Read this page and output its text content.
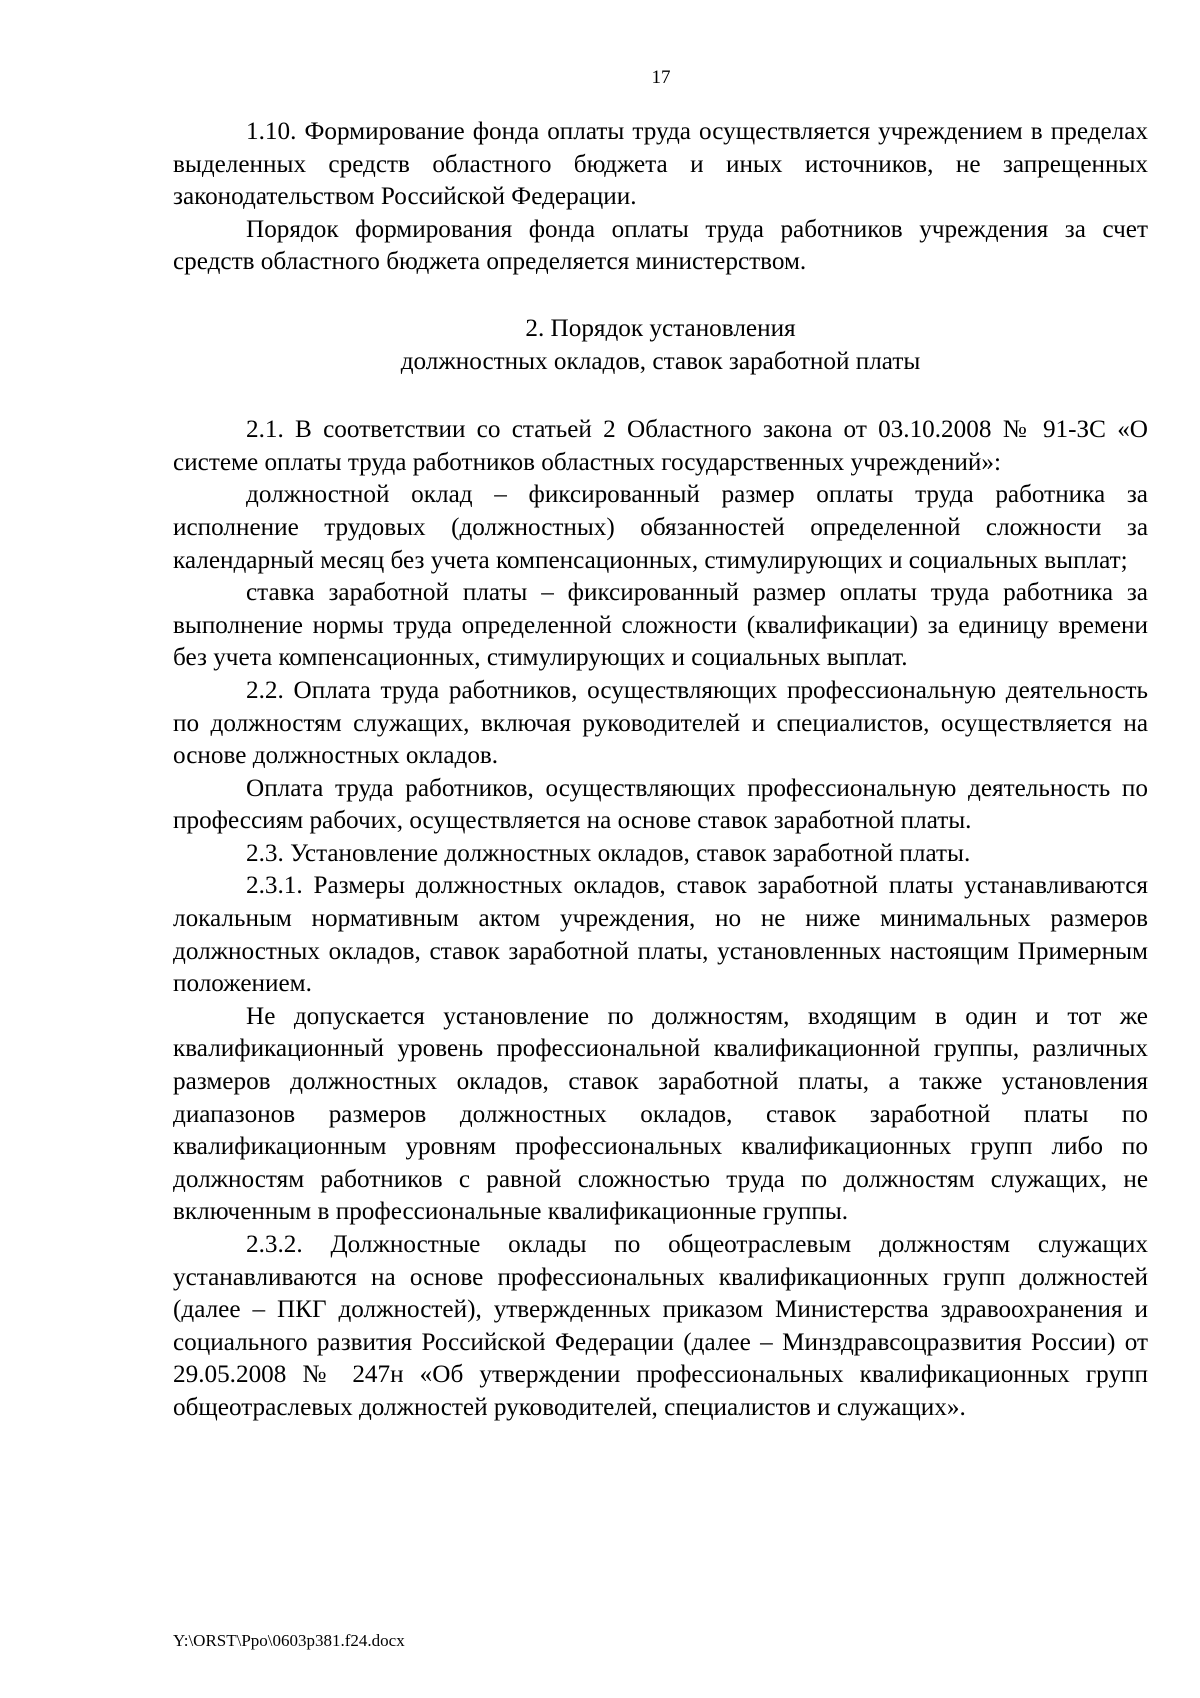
17

1.10. Формирование фонда оплаты труда осуществляется учреждением в пределах выделенных средств областного бюджета и иных источников, не запрещенных законодательством Российской Федерации.

Порядок формирования фонда оплаты труда работников учреждения за счет средств областного бюджета определяется министерством.

2. Порядок установления

должностных окладов, ставок заработной платы

2.1. В соответствии со статьей 2 Областного закона от 03.10.2008 № 91-ЗС «О системе оплаты труда работников областных государственных учреждений»:

должностной оклад – фиксированный размер оплаты труда работника за исполнение трудовых (должностных) обязанностей определенной сложности за календарный месяц без учета компенсационных, стимулирующих и социальных выплат;

ставка заработной платы – фиксированный размер оплаты труда работника за выполнение нормы труда определенной сложности (квалификации) за единицу времени без учета компенсационных, стимулирующих и социальных выплат.

2.2. Оплата труда работников, осуществляющих профессиональную деятельность по должностям служащих, включая руководителей и специалистов, осуществляется на основе должностных окладов.

Оплата труда работников, осуществляющих профессиональную деятельность по профессиям рабочих, осуществляется на основе ставок заработной платы.

2.3. Установление должностных окладов, ставок заработной платы.

2.3.1. Размеры должностных окладов, ставок заработной платы устанавливаются локальным нормативным актом учреждения, но не ниже минимальных размеров должностных окладов, ставок заработной платы, установленных настоящим Примерным положением.

Не допускается установление по должностям, входящим в один и тот же квалификационный уровень профессиональной квалификационной группы, различных размеров должностных окладов, ставок заработной платы, а также установления диапазонов размеров должностных окладов, ставок заработной платы по квалификационным уровням профессиональных квалификационных групп либо по должностям работников с равной сложностью труда по должностям служащих, не включенным в профессиональные квалификационные группы.

2.3.2. Должностные оклады по общеотраслевым должностям служащих устанавливаются на основе профессиональных квалификационных групп должностей (далее – ПКГ должностей), утвержденных приказом Министерства здравоохранения и социального развития Российской Федерации (далее – Минздравсоцразвития России) от 29.05.2008 № 247н «Об утверждении профессиональных квалификационных групп общеотраслевых должностей руководителей, специалистов и служащих».

Y:\ORST\Ppo\0603p381.f24.docx
